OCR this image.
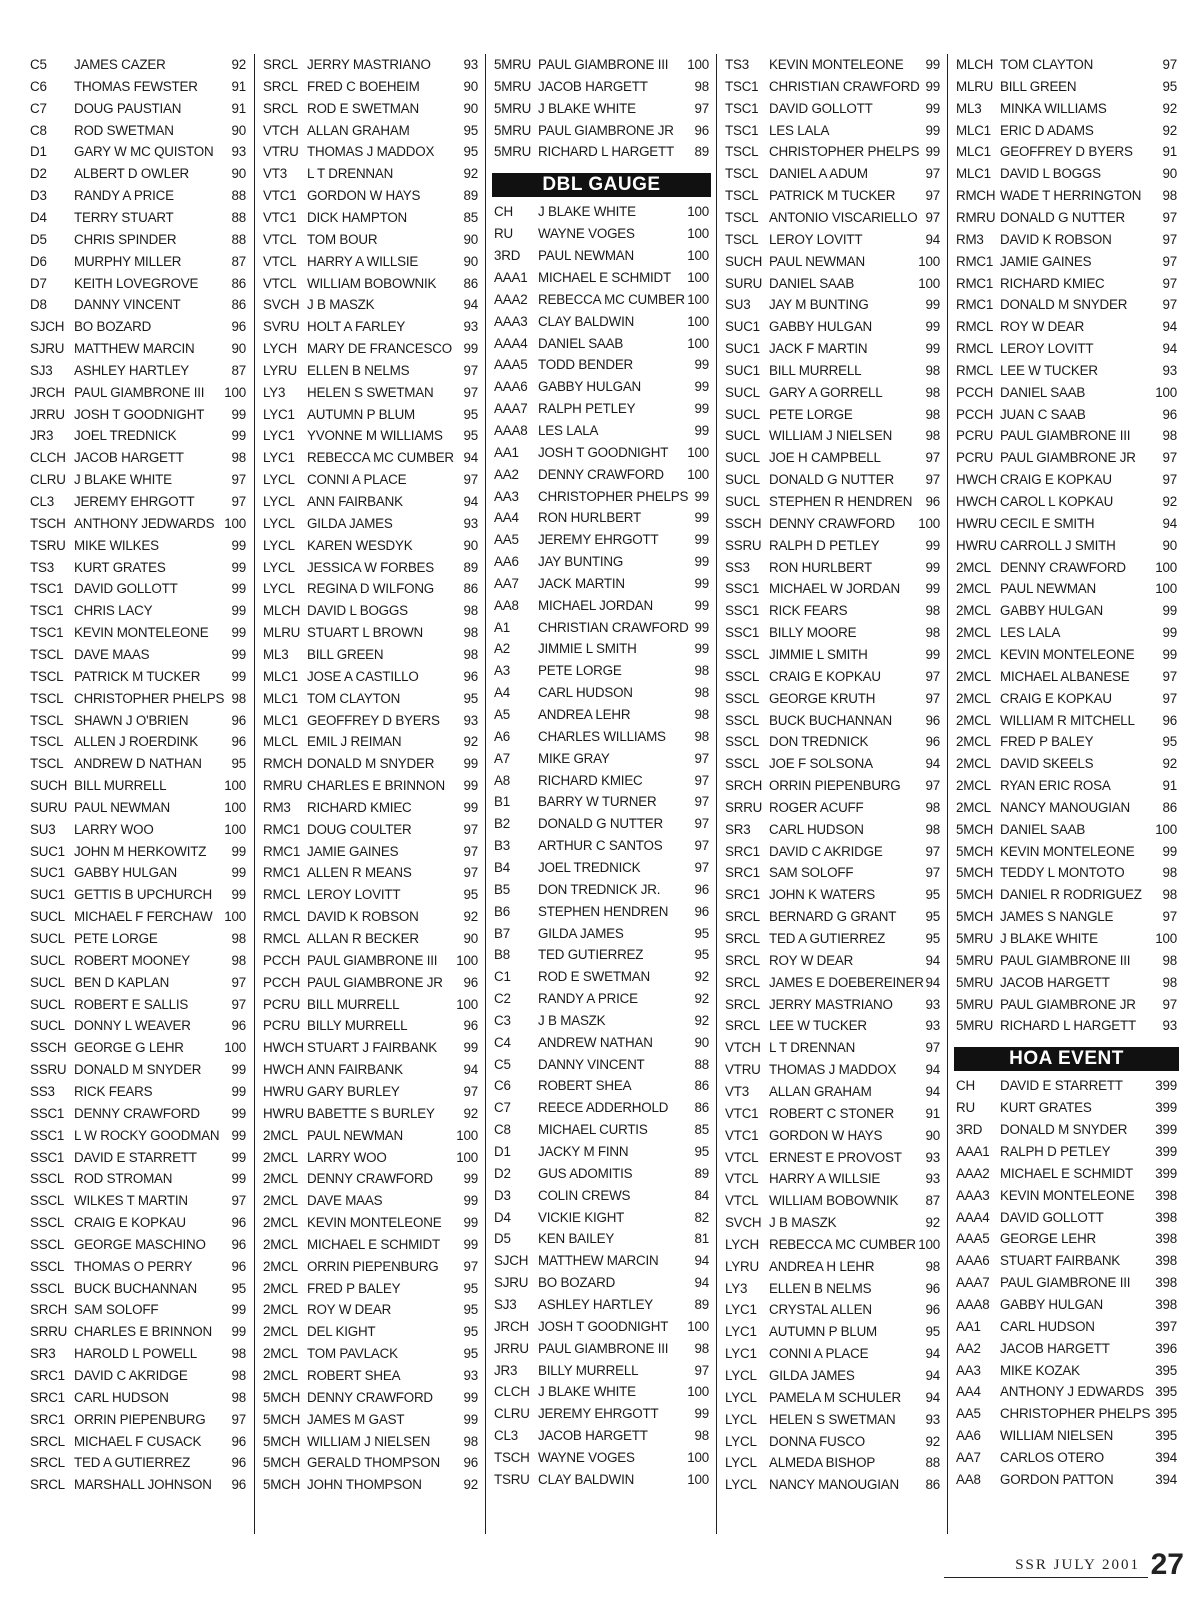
C5 JAMES CAZER	92
C6 THOMAS FEWSTER	91
C7 DOUG PAUSTIAN	91
C8 ROD SWETMAN	90
D1 GARY W MC QUISTON 93
D2 ALBERT D OWLER	90
D3 RANDY A PRICE	88
D4 TERRY STUART	88
D5 CHRIS SPINDER	88
D6 MURPHY MILLER	87
D7 KEITH LOVEGROVE 86
D8 DANNY VINCENT	86
SJCH BO BOZARD	96
SJRU MATTHEW MARCIN	90
SJ3 ASHLEY HARTLEY	87
JRCH PAUL GIAMBRONE III 100
JRRU JOSH T GOODNIGHT 99
JR3 JOEL TREDNICK	99
CLCH JACOB HARGETT	98
CLRU J BLAKE WHITE	97
CL3 JEREMY EHRGOTT	97
TSCH ANTHONY JEDWARDS 100
TSRU MIKE WILKES	99
TS3 KURT GRATES	99
TSC1 DAVID GOLLOTT	99
TSC1 CHRIS LACY	99
TSC1 KEVIN MONTELEONE 99
TSCL DAVE MAAS	99
TSCL PATRICK M TUCKER 99
TSCL CHRISTOPHER PHELPS 98
TSCL SHAWN J O'BRIEN	96
TSCL ALLEN J ROERDINK 96
TSCL ANDREW D NATHAN 95
SUCH BILL MURRELL	100
SURU PAUL NEWMAN	100
SU3 LARRY WOO	100
SUC1 JOHN M HERKOWITZ 99
SUC1 GABBY HULGAN	99
SUC1 GETTIS B UPCHURCH 99
SUCL MICHAEL F FERCHAW 100
SUCL PETE LORGE	98
SUCL ROBERT MOONEY	98
SUCL BEN D KAPLAN	97
SUCL ROBERT E SALLIS	97
SUCL DONNY L WEAVER	96
SSCH GEORGE G LEHR	100
SSRU DONALD M SNYDER 99
SS3 RICK FEARS	99
SSC1 DENNY CRAWFORD 99
SSC1 L W ROCKY GOODMAN 99
SSC1 DAVID E STARRETT	99
SSCL ROD STROMAN	99
SSCL WILKES T MARTIN	97
SSCL CRAIG E KOPKAU	96
SSCL GEORGE MASCHINO 96
SSCL THOMAS O PERRY	96
SSCL BUCK BUCHANNAN	95
SRCH SAM SOLOFF	99
SRRU CHARLES E BRINNON 99
SR3 HAROLD L POWELL	98
SRC1 DAVID C AKRIDGE	98
SRC1 CARL HUDSON	98
SRC1 ORRIN PIEPENBURG 97
SRCL MICHAEL F CUSACK 96
SRCL TED A GUTIERREZ	96
SRCL MARSHALL JOHNSON 96
SRCL JERRY MASTRIANO 93
SRCL FRED C BOEHEIM	90
SRCL ROD E SWETMAN	90
VTCH ALLAN GRAHAM	95
VTRU THOMAS J MADDOX 95
VT3 L T DRENNAN	92
VTC1 GORDON W HAYS	89
VTC1 DICK HAMPTON	85
VTCL TOM BOUR	90
VTCL HARRY A WILLSIE	90
VTCL WILLIAM BOBOWNIK 86
SVCH J B MASZK	94
SVRU HOLT A FARLEY	93
LYCH MARY DE FRANCESCO 99
LYRU ELLEN B NELMS	97
LY3 HELEN S SWETMAN 97
LYC1 AUTUMN P BLUM	95
LYC1 YVONNE M WILLIAMS 95
LYC1 REBECCA MC CUMBER 94
LYCL CONNI A PLACE	97
LYCL ANN FAIRBANK	94
LYCL GILDA JAMES	93
LYCL KAREN WESDYK	90
LYCL JESSICA W FORBES 89
LYCL REGINA D WILFONG 86
MLCH DAVID L BOGGS	98
MLRU STUART L BROWN	98
ML3 BILL GREEN	98
MLC1 JOSE A CASTILLO	96
MLC1 TOM CLAYTON	95
MLC1 GEOFFREY D BYERS 93
MLCL EMIL J REIMAN	92
RMCH DONALD M SNYDER 99
RMRU CHARLES E BRINNON 99
RM3 RICHARD KMIEC	99
RMC1 DOUG COULTER	97
RMC1 JAMIE GAINES	97
RMC1 ALLEN R MEANS	97
RMCL LEROY LOVITT	95
RMCL DAVID K ROBSON	92
RMCL ALLAN R BECKER	90
PCCH PAUL GIAMBRONE III 100
PCCH PAUL GIAMBRONE JR 96
PCRU BILL MURRELL	100
PCRU BILLY MURRELL	96
HWCH STUART J FAIRBANK 99
HWCH ANN FAIRBANK	94
HWRU GARY BURLEY	97
HWRU BABETTE S BURLEY 92
2MCL PAUL NEWMAN	100
2MCL LARRY WOO	100
2MCL DENNY CRAWFORD 99
2MCL DAVE MAAS	99
2MCL KEVIN MONTELEONE 99
2MCL MICHAEL E SCHMIDT 99
2MCL ORRIN PIEPENBURG 97
2MCL FRED P BALEY	95
2MCL ROY W DEAR	95
2MCL DEL KIGHT	95
2MCL TOM PAVLACK	95
2MCL ROBERT SHEA	93
5MCH DENNY CRAWFORD 99
5MCH JAMES M GAST	99
5MCH WILLIAM J NIELSEN 98
5MCH GERALD THOMPSON 96
5MCH JOHN THOMPSON	92
5MRU PAUL GIAMBRONE III 100
5MRU JACOB HARGETT	98
5MRU J BLAKE WHITE	97
5MRU PAUL GIAMBRONE JR 96
5MRU RICHARD L HARGETT 89
DBL GAUGE
CH J BLAKE WHITE	100
RU WAYNE VOGES	100
3RD PAUL NEWMAN	100
AAA1 MICHAEL E SCHMIDT 100
AAA2 REBECCA MC CUMBER 100
AAA3 CLAY BALDWIN	100
AAA4 DANIEL SAAB	100
AAA5 TODD BENDER	99
AAA6 GABBY HULGAN	99
AAA7 RALPH PETLEY	99
AAA8 LES LALA	99
AA1 JOSH T GOODNIGHT 100
AA2 DENNY CRAWFORD 100
AA3 CHRISTOPHER PHELPS 99
AA4 RON HURLBERT	99
AA5 JEREMY EHRGOTT	99
AA6 JAY BUNTING	99
AA7 JACK MARTIN	99
AA8 MICHAEL JORDAN	99
A1 CHRISTIAN CRAWFORD 99
A2 JIMMIE L SMITH	99
A3 PETE LORGE	98
A4 CARL HUDSON	98
A5 ANDREA LEHR	98
A6 CHARLES WILLIAMS 98
A7 MIKE GRAY	97
A8 RICHARD KMIEC	97
B1 BARRY W TURNER	97
B2 DONALD G NUTTER 97
B3 ARTHUR C SANTOS 97
B4 JOEL TREDNICK	97
B5 DON TREDNICK JR.	96
B6 STEPHEN HENDREN 96
B7 GILDA JAMES	95
B8 TED GUTIERREZ	95
C1 ROD E SWETMAN	92
C2 RANDY A PRICE	92
C3 J B MASZK	92
C4 ANDREW NATHAN	90
C5 DANNY VINCENT	88
C6 ROBERT SHEA	86
C7 REECE ADDERHOLD 86
C8 MICHAEL CURTIS	85
D1 JACKY M FINN	95
D2 GUS ADOMITIS	89
D3 COLIN CREWS	84
D4 VICKIE KIGHT	82
D5 KEN BAILEY	81
SJCH MATTHEW MARCIN	94
SJRU BO BOZARD	94
SJ3 ASHLEY HARTLEY	89
JRCH JOSH T GOODNIGHT 100
JRRU PAUL GIAMBRONE III 98
JR3 BILLY MURRELL	97
CLCH J BLAKE WHITE	100
CLRU JEREMY EHRGOTT	99
CL3 JACOB HARGETT	98
TSCH WAYNE VOGES	100
TSRU CLAY BALDWIN	100
TS3 KEVIN MONTELEONE 99
TSC1 CHRISTIAN CRAWFORD 99
TSC1 DAVID GOLLOTT	99
TSC1 LES LALA	99
TSCL CHRISTOPHER PHELPS 99
TSCL DANIEL A ADUM	97
TSCL PATRICK M TUCKER 97
TSCL ANTONIO VISCARIELLO 97
TSCL LEROY LOVITT	94
SUCH PAUL NEWMAN	100
SURU DANIEL SAAB	100
SU3 JAY M BUNTING	99
SUC1 GABBY HULGAN	99
SUC1 JACK F MARTIN	99
SUC1 BILL MURRELL	98
SUCL GARY A GORRELL	98
SUCL PETE LORGE	98
SUCL WILLIAM J NIELSEN 98
SUCL JOE H CAMPBELL	97
SUCL DONALD G NUTTER 97
SUCL STEPHEN R HENDREN 96
SSCH DENNY CRAWFORD 100
SSRU RALPH D PETLEY	99
SS3 RON HURLBERT	99
SSC1 MICHAEL W JORDAN 99
SSC1 RICK FEARS	98
SSC1 BILLY MOORE	98
SSCL JIMMIE L SMITH	99
SSCL CRAIG E KOPKAU	97
SSCL GEORGE KRUTH	97
SSCL BUCK BUCHANNAN	96
SSCL DON TREDNICK	96
SSCL JOE F SOLSONA	94
SRCH ORRIN PIEPENBURG 97
SRRU ROGER ACUFF	98
SR3 CARL HUDSON	98
SRC1 DAVID C AKRIDGE	97
SRC1 SAM SOLOFF	97
SRC1 JOHN K WATERS	95
SRCL BERNARD G GRANT 95
SRCL TED A GUTIERREZ	95
SRCL ROY W DEAR	94
SRCL JAMES E DOEBEREINER 94
SRCL JERRY MASTRIANO 93
SRCL LEE W TUCKER	93
VTCH L T DRENNAN	97
VTRU THOMAS J MADDOX 94
VT3 ALLAN GRAHAM	94
VTC1 ROBERT C STONER 91
VTC1 GORDON W HAYS	90
VTCL ERNEST E PROVOST 93
VTCL HARRY A WILLSIE	93
VTCL WILLIAM BOBOWNIK 87
SVCH J B MASZK	92
LYCH REBECCA MC CUMBER 100
LYRU ANDREA H LEHR	98
LY3 ELLEN B NELMS	96
LYC1 CRYSTAL ALLEN	96
LYC1 AUTUMN P BLUM	95
LYC1 CONNI A PLACE	94
LYCL GILDA JAMES	94
LYCL PAMELA M SCHULER 94
LYCL HELEN S SWETMAN 93
LYCL DONNA FUSCO	92
LYCL ALMEDA BISHOP	88
LYCL NANCY MANOUGIAN 86
MLCH TOM CLAYTON	97
MLRU BILL GREEN	95
ML3 MINKA WILLIAMS	92
MLC1 ERIC D ADAMS	92
MLC1 GEOFFREY D BYERS 91
MLC1 DAVID L BOGGS	90
RMCH WADE T HERRINGTON 98
RMRU DONALD G NUTTER	97
RM3 DAVID K ROBSON	97
RMC1 JAMIE GAINES	97
RMC1 RICHARD KMIEC	97
RMC1 DONALD M SNYDER	97
RMCL ROY W DEAR	94
RMCL LEROY LOVITT	94
RMCL LEE W TUCKER	93
PCCH DANIEL SAAB	100
PCCH JUAN C SAAB	96
PCRU PAUL GIAMBRONE III 98
PCRU PAUL GIAMBRONE JR 97
HWCH CRAIG E KOPKAU	97
HWCH CAROL L KOPKAU	92
HWRU CECIL E SMITH	94
HWRU CARROLL J SMITH	90
2MCL DENNY CRAWFORD 100
2MCL PAUL NEWMAN	100
2MCL GABBY HULGAN	99
2MCL LES LALA	99
2MCL KEVIN MONTELEONE 99
2MCL MICHAEL ALBANESE 97
2MCL CRAIG E KOPKAU	97
2MCL WILLIAM R MITCHELL 96
2MCL FRED P BALEY	95
2MCL DAVID SKEELS	92
2MCL RYAN ERIC ROSA	91
2MCL NANCY MANOUGIAN 86
5MCH DANIEL SAAB	100
5MCH KEVIN MONTELEONE 99
5MCH TEDDY L MONTOTO	98
5MCH DANIEL R RODRIGUEZ 98
5MCH JAMES S NANGLE	97
5MRU J BLAKE WHITE	100
5MRU PAUL GIAMBRONE III 98
5MRU JACOB HARGETT	98
5MRU PAUL GIAMBRONE JR 97
5MRU RICHARD L HARGETT 93
HOA EVENT
CH DAVID E STARRETT 399
RU KURT GRATES	399
3RD DONALD M SNYDER 399
AAA1 RALPH D PETLEY	399
AAA2 MICHAEL E SCHMIDT 399
AAA3 KEVIN MONTELEONE 398
AAA4 DAVID GOLLOTT	398
AAA5 GEORGE LEHR	398
AAA6 STUART FAIRBANK	398
AAA7 PAUL GIAMBRONE III 398
AAA8 GABBY HULGAN	398
AA1 CARL HUDSON	397
AA2 JACOB HARGETT	396
AA3 MIKE KOZAK	395
AA4 ANTHONY J EDWARDS 395
AA5 CHRISTOPHER PHELPS 395
AA6 WILLIAM NIELSEN	395
AA7 CARLOS OTERO	394
AA8 GORDON PATTON	394
SSR JULY 2001 27
